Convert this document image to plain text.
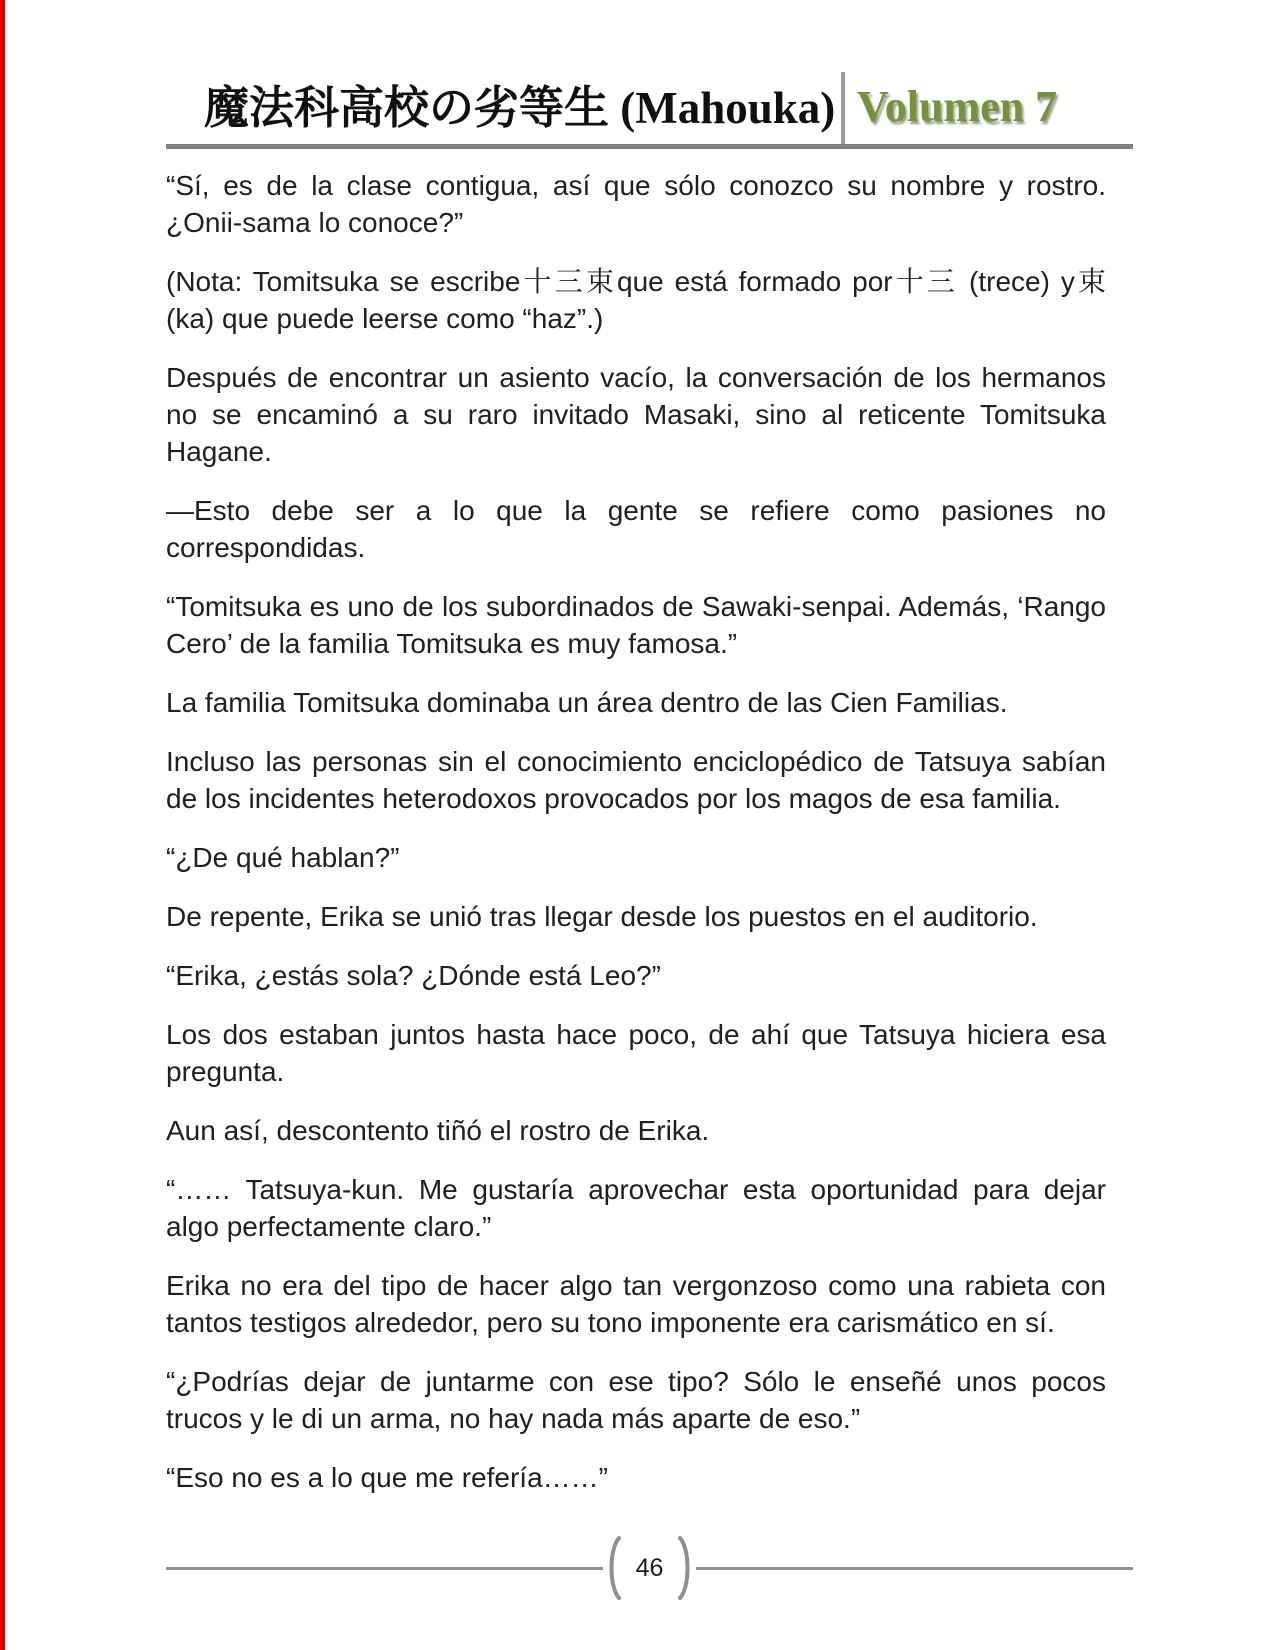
魔法科高校の劣等生 (Mahouka) Volumen 7

“Sí, es de la clase contigua, así que sólo conozco su nombre y rostro. ¿Onii-sama lo conoce?”

(Nota: Tomitsuka se escribe十三束que está formado por十三 (trece) y束 (ka) que puede leerse como “haz”.)

Después de encontrar un asiento vacío, la conversación de los hermanos no se encaminó a su raro invitado Masaki, sino al reticente Tomitsuka Hagane.

—Esto debe ser a lo que la gente se refiere como pasiones no correspondidas.

“Tomitsuka es uno de los subordinados de Sawaki-senpai. Además, ‘Rango Cero’ de la familia Tomitsuka es muy famosa.”

La familia Tomitsuka dominaba un área dentro de las Cien Familias.

Incluso las personas sin el conocimiento enciclopédico de Tatsuya sabían de los incidentes heterodoxos provocados por los magos de esa familia.

“¿De qué hablan?”

De repente, Erika se unió tras llegar desde los puestos en el auditorio.

“Erika, ¿estás sola? ¿Dónde está Leo?”

Los dos estaban juntos hasta hace poco, de ahí que Tatsuya hiciera esa pregunta.

Aun así, descontento tiñó el rostro de Erika.

“…… Tatsuya-kun. Me gustaría aprovechar esta oportunidad para dejar algo perfectamente claro.”

Erika no era del tipo de hacer algo tan vergonzoso como una rabieta con tantos testigos alrededor, pero su tono imponente era carismático en sí.

“¿Podrías dejar de juntarme con ese tipo? Sólo le enseñé unos pocos trucos y le di un arma, no hay nada más aparte de eso.”

“Eso no es a lo que me refería……”

46
